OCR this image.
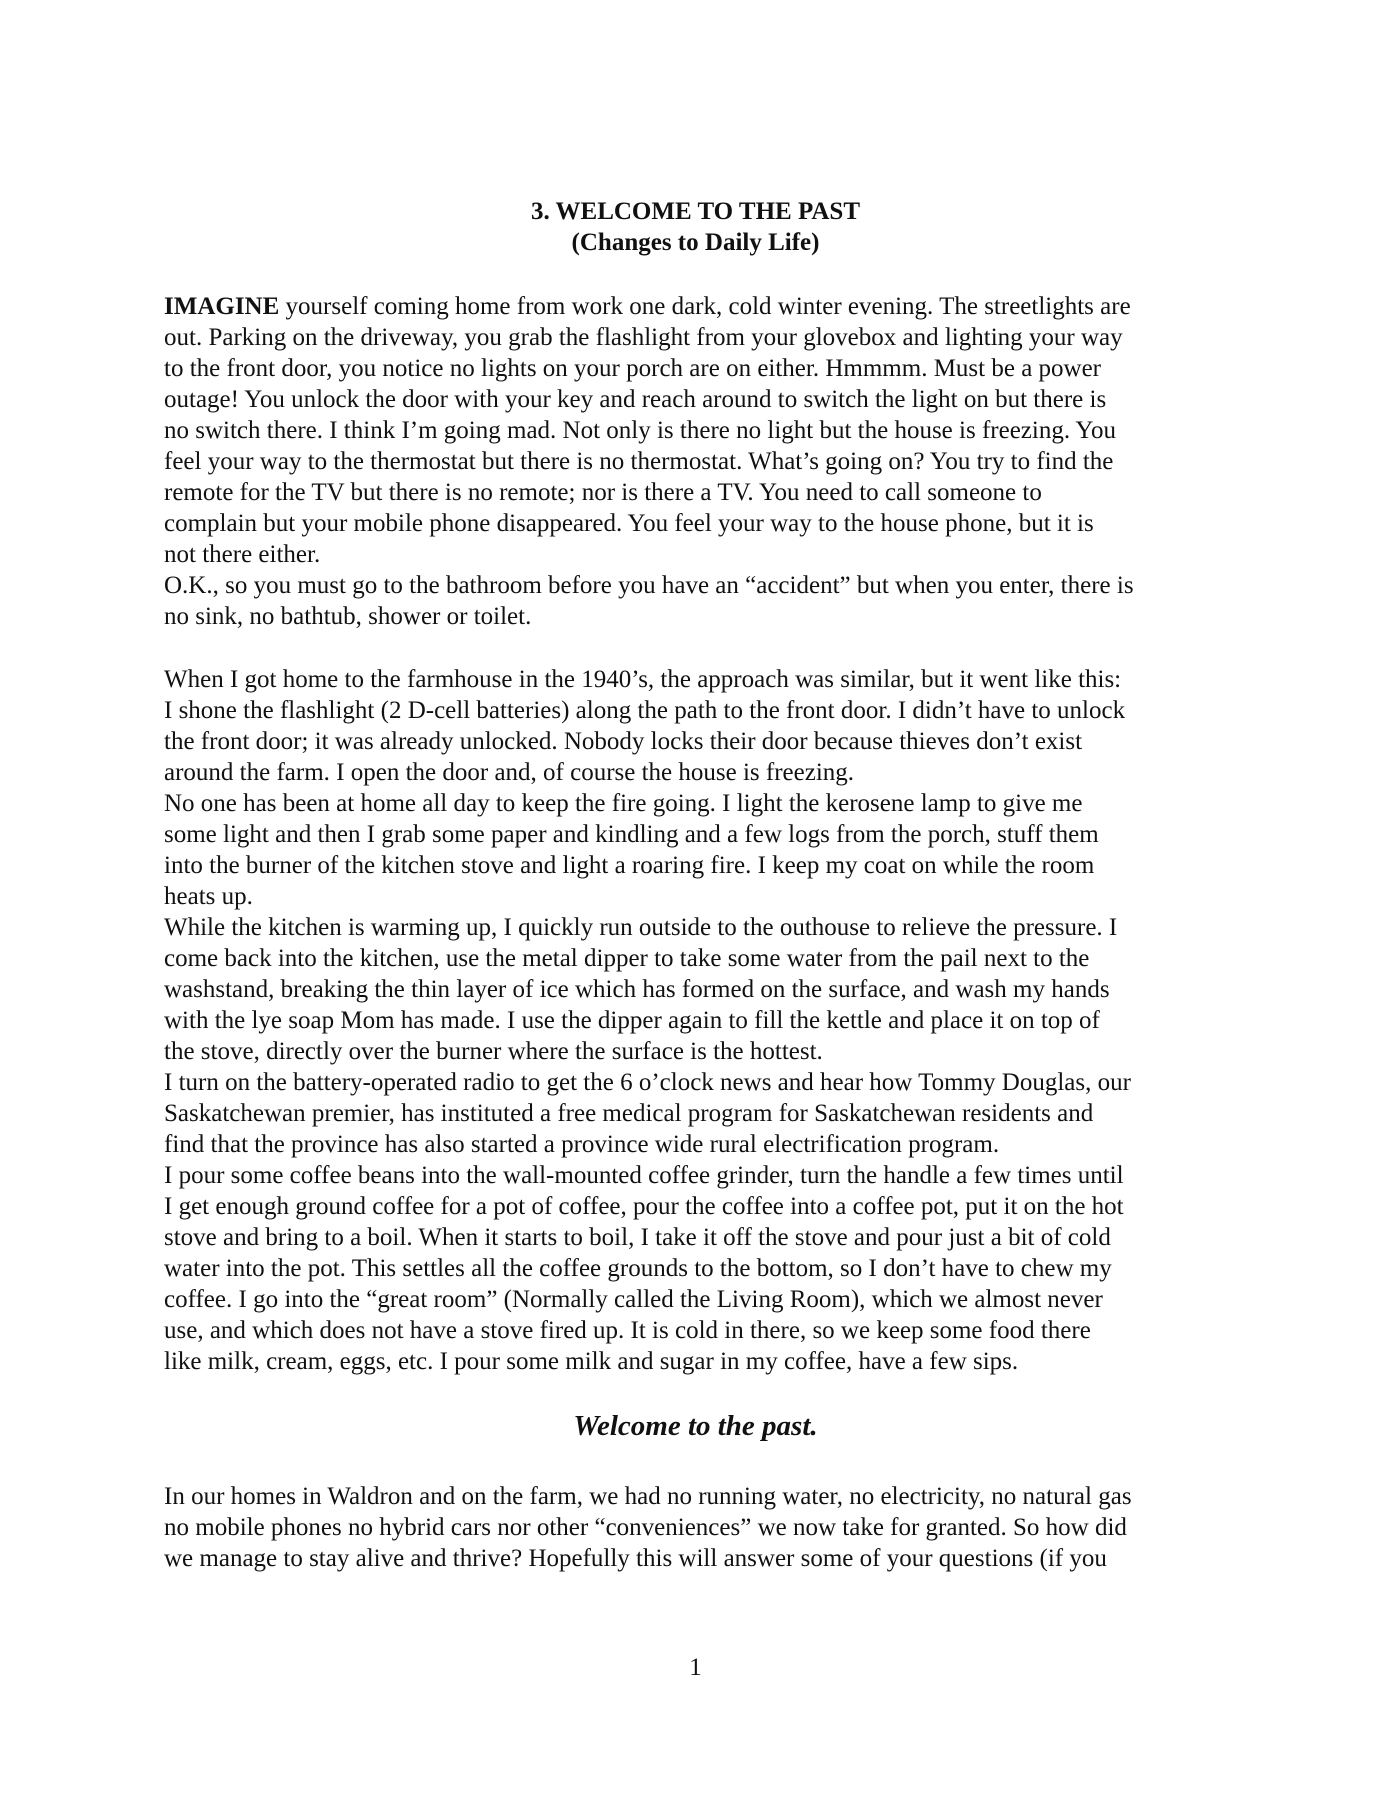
3. WELCOME TO THE PAST
(Changes to Daily Life)
IMAGINE yourself coming home from work one dark, cold winter evening. The streetlights are
out. Parking on the driveway, you grab the flashlight from your glovebox and lighting your way
to the front door, you notice no lights on your porch are on either. Hmmmm. Must be a power
outage! You unlock the door with your key and reach around to switch the light on but there is
no switch there. I think I’m going mad. Not only is there no light but the house is freezing. You
feel your way to the thermostat but there is no thermostat. What’s going on? You try to find the
remote for the TV but there is no remote; nor is there a TV. You need to call someone to
complain but your mobile phone disappeared. You feel your way to the house phone, but it is
not there either.
O.K., so you must go to the bathroom before you have an “accident” but when you enter, there is
no sink, no bathtub, shower or toilet.
When I got home to the farmhouse in the 1940’s, the approach was similar, but it went like this:
I shone the flashlight (2 D-cell batteries) along the path to the front door. I didn’t have to unlock
the front door; it was already unlocked. Nobody locks their door because thieves don’t exist
around the farm. I open the door and, of course the house is freezing.
No one has been at home all day to keep the fire going. I light the kerosene lamp to give me
some light and then I grab some paper and kindling and a few logs from the porch, stuff them
into the burner of the kitchen stove and light a roaring fire. I keep my coat on while the room
heats up.
While the kitchen is warming up, I quickly run outside to the outhouse to relieve the pressure. I
come back into the kitchen, use the metal dipper to take some water from the pail next to the
washstand, breaking the thin layer of ice which has formed on the surface, and wash my hands
with the lye soap Mom has made. I use the dipper again to fill the kettle and place it on top of
the stove, directly over the burner where the surface is the hottest.
I turn on the battery-operated radio to get the 6 o’clock news and hear how Tommy Douglas, our
Saskatchewan premier, has instituted a free medical program for Saskatchewan residents and
find that the province has also started a province wide rural electrification program.
I pour some coffee beans into the wall-mounted coffee grinder, turn the handle a few times until
I get enough ground coffee for a pot of coffee, pour the coffee into a coffee pot, put it on the hot
stove and bring to a boil. When it starts to boil, I take it off the stove and pour just a bit of cold
water into the pot. This settles all the coffee grounds to the bottom, so I don’t have to chew my
coffee. I go into the “great room” (Normally called the Living Room), which we almost never
use, and which does not have a stove fired up. It is cold in there, so we keep some food there
like milk, cream, eggs, etc. I pour some milk and sugar in my coffee, have a few sips.
Welcome to the past.
In our homes in Waldron and on the farm, we had no running water, no electricity, no natural gas
no mobile phones no hybrid cars nor other “conveniences” we now take for granted. So how did
we manage to stay alive and thrive? Hopefully this will answer some of your questions (if you
1
